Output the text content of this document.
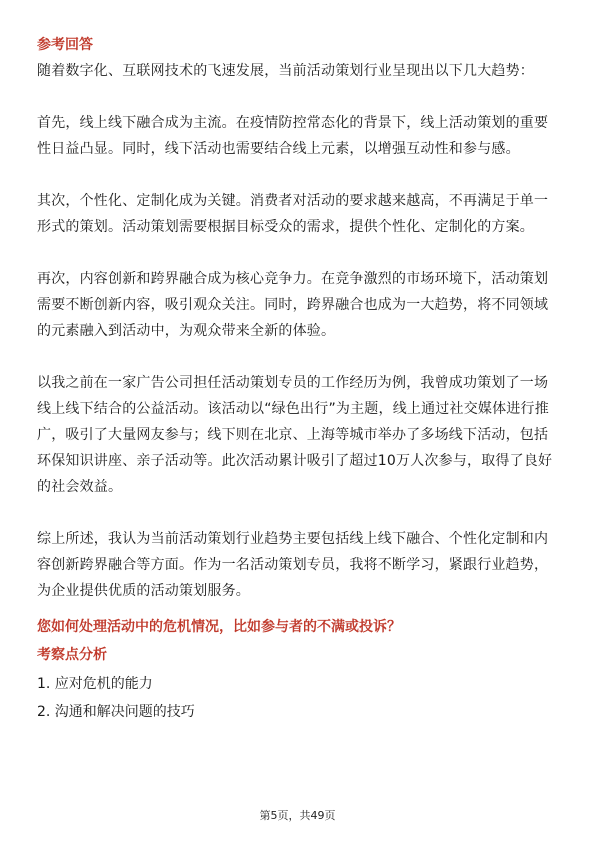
参考回答

随着数字化、互联网技术的飞速发展，当前活动策划行业呈现出以下几大趋势：

首先，线上线下融合成为主流。在疫情防控常态化的背景下，线上活动策划的重要性日益凸显。同时，线下活动也需要结合线上元素，以增强互动性和参与感。

其次，个性化、定制化成为关键。消费者对活动的要求越来越高，不再满足于单一形式的策划。活动策划需要根据目标受众的需求，提供个性化、定制化的方案。

再次，内容创新和跨界融合成为核心竞争力。在竞争激烈的市场环境下，活动策划需要不断创新内容，吸引观众关注。同时，跨界融合也成为一大趋势，将不同领域的元素融入到活动中，为观众带来全新的体验。

以我之前在一家广告公司担任活动策划专员的工作经历为例，我曾成功策划了一场线上线下结合的公益活动。该活动以“绿色出行”为主题，线上通过社交媒体进行推广，吸引了大量网友参与；线下则在北京、上海等城市举办了多场线下活动，包括环保知识讲座、亲子活动等。此次活动累计吸引了超过10万人次参与，取得了良好的社会效益。

综上所述，我认为当前活动策划行业趋势主要包括线上线下融合、个性化定制和内容创新跨界融合等方面。作为一名活动策划专员，我将不断学习，紧跟行业趋势，为企业提供优质的活动策划服务。

您如何处理活动中的危机情况，比如参与者的不满或投诉？

考察点分析

1. 应对危机的能力

2. 沟通和解决问题的技巧

第5页，共49页
